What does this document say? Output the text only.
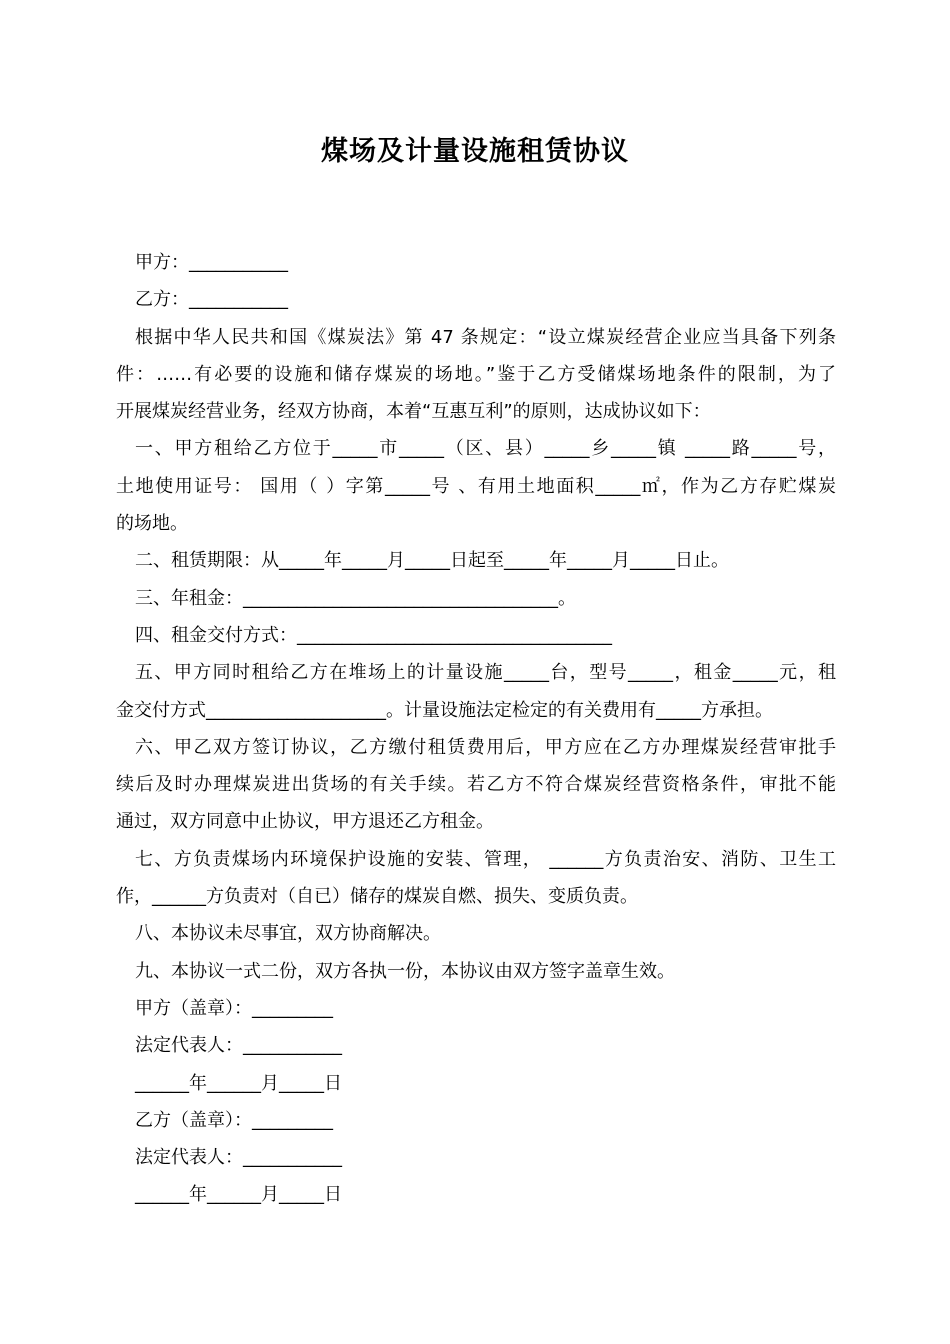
煤场及计量设施租赁协议
甲方：___________
乙方：___________
根据中华人民共和国《煤炭法》第 47 条规定：“设立煤炭经营企业应当具备下列条
件：……有必要的设施和储存煤炭的场地。”鉴于乙方受储煤场地条件的限制，为了
开展煤炭经营业务，经双方协商，本着“互惠互利”的原则，达成协议如下：
一、甲方租给乙方位于_____市_____（区、县）_____乡_____镇 _____路_____号，
土地使用证号： 国用（ ）字第_____号 、有用土地面积_____㎡，作为乙方存贮煤炭
的场地。
二、租赁期限：从_____年_____月_____日起至_____年_____月_____日止。
三、年租金：___________________________________。
四、租金交付方式：___________________________________
五、甲方同时租给乙方在堆场上的计量设施_____台，型号_____，租金_____元，租
金交付方式____________________。计量设施法定检定的有关费用有_____方承担。
六、甲乙双方签订协议，乙方缴付租赁费用后，甲方应在乙方办理煤炭经营审批手
续后及时办理煤炭进出货场的有关手续。若乙方不符合煤炭经营资格条件，审批不能
通过，双方同意中止协议，甲方退还乙方租金。
七、方负责煤场内环境保护设施的安装、管理， ______方负责治安、消防、卫生工
作，______方负责对（自已）储存的煤炭自燃、损失、变质负责。
八、本协议未尽事宜，双方协商解决。
九、本协议一式二份，双方各执一份，本协议由双方签字盖章生效。
甲方（盖章）：_________
法定代表人：___________
______年______月_____日
乙方（盖章）：_________
法定代表人：___________
______年______月_____日
